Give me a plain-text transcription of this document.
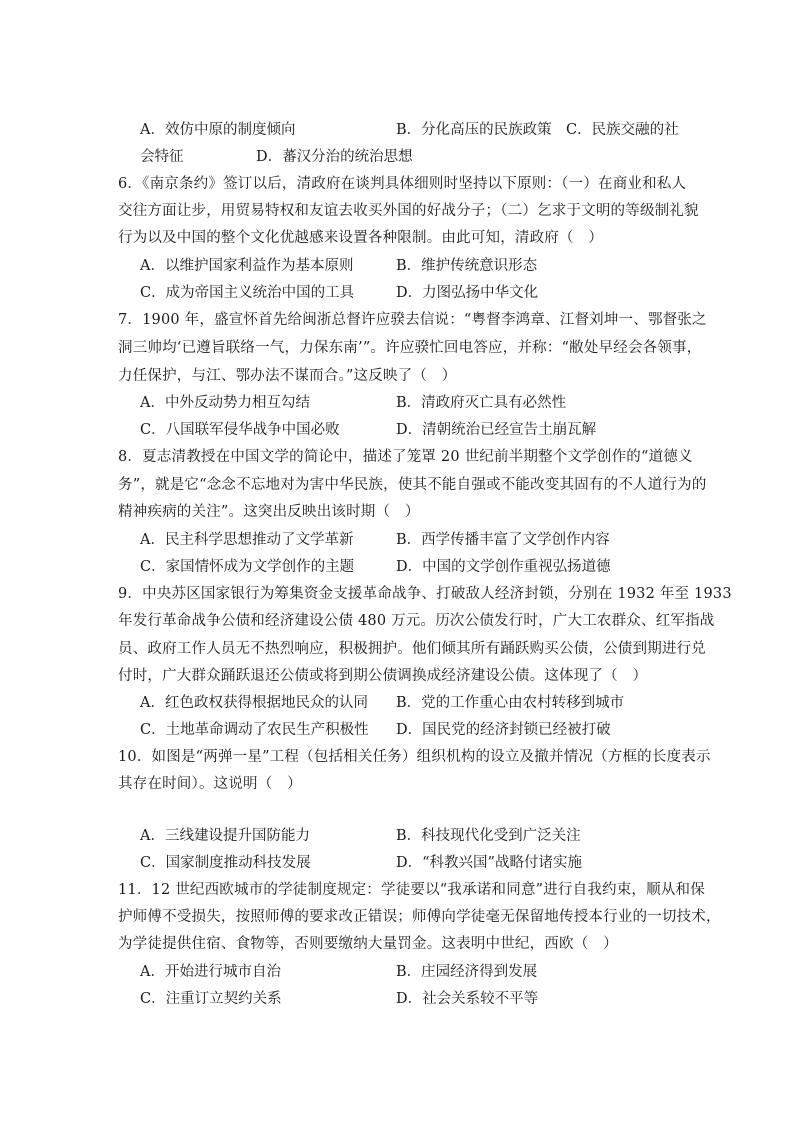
A．效仿中原的制度倾向	B．分化高压的民族政策 C．民族交融的社
会特征	D．蕃汉分治的统治思想
6．《南京条约》签订以后，清政府在谈判具体细则时坚持以下原则：（一）在商业和私人
交往方面让步，用贸易特权和友谊去收买外国的好战分子；（二）乞求于文明的等级制礼貌
行为以及中国的整个文化优越感来设置各种限制。由此可知，清政府（　）
A．以维护国家利益作为基本原则	B．维护传统意识形态
C．成为帝国主义统治中国的工具	D．力图弘扬中华文化
7．1900 年，盛宣怀首先给闽浙总督许应骙去信说：“粤督李鸿章、江督刘坤一、鄂督张之
洞三帅均‘已遵旨联络一气，力保东南’”。许应骙忙回电答应，并称：“敝处早经会各领事，
力任保护，与江、鄂办法不谋而合。”这反映了（　）
A．中外反动势力相互勾结	B．清政府灭亡具有必然性
C．八国联军侵华战争中国必败	D．清朝统治已经宣告土崩瓦解
8．夏志清教授在中国文学的简论中，描述了笼罩 20 世纪前半期整个文学创作的“道德义
务”，就是它“念念不忘地对为害中华民族，使其不能自强或不能改变其固有的不人道行为的
精神疾病的关注”。这突出反映出该时期（　）
A．民主科学思想推动了文学革新	B．西学传播丰富了文学创作内容
C．家国情怀成为文学创作的主题	D．中国的文学创作重视弘扬道德
9．中央苏区国家银行为筹集资金支援革命战争、打破敌人经济封锁，分别在 1932 年至 1933
年发行革命战争公债和经济建设公债 480 万元。历次公债发行时，广大工农群众、红军指战
员、政府工作人员无不热烈响应，积极拥护。他们倾其所有踊跃购买公债，公债到期进行兑
付时，广大群众踊跃退还公债或将到期公债调换成经济建设公债。这体现了（　）
A．红色政权获得根据地民众的认同 B．党的工作重心由农村转移到城市
C．土地革命调动了农民生产积极性 D．国民党的经济封锁已经被打破
10．如图是“两弹一星”工程（包括相关任务）组织机构的设立及撤并情况（方框的长度表示
其存在时间）。这说明（　）
A．三线建设提升国防能力	B．科技现代化受到广泛关注
C．国家制度推动科技发展	D．“科教兴国”战略付诸实施
11．12 世纪西欧城市的学徒制度规定：学徒要以“我承诺和同意”进行自我约束，顺从和保
护师傅不受损失，按照师傅的要求改正错误；师傅向学徒毫无保留地传授本行业的一切技术，
为学徒提供住宿、食物等，否则要缴纳大量罚金。这表明中世纪，西欧（　）
A．开始进行城市自治	B．庄园经济得到发展
C．注重订立契约关系	D．社会关系较不平等
